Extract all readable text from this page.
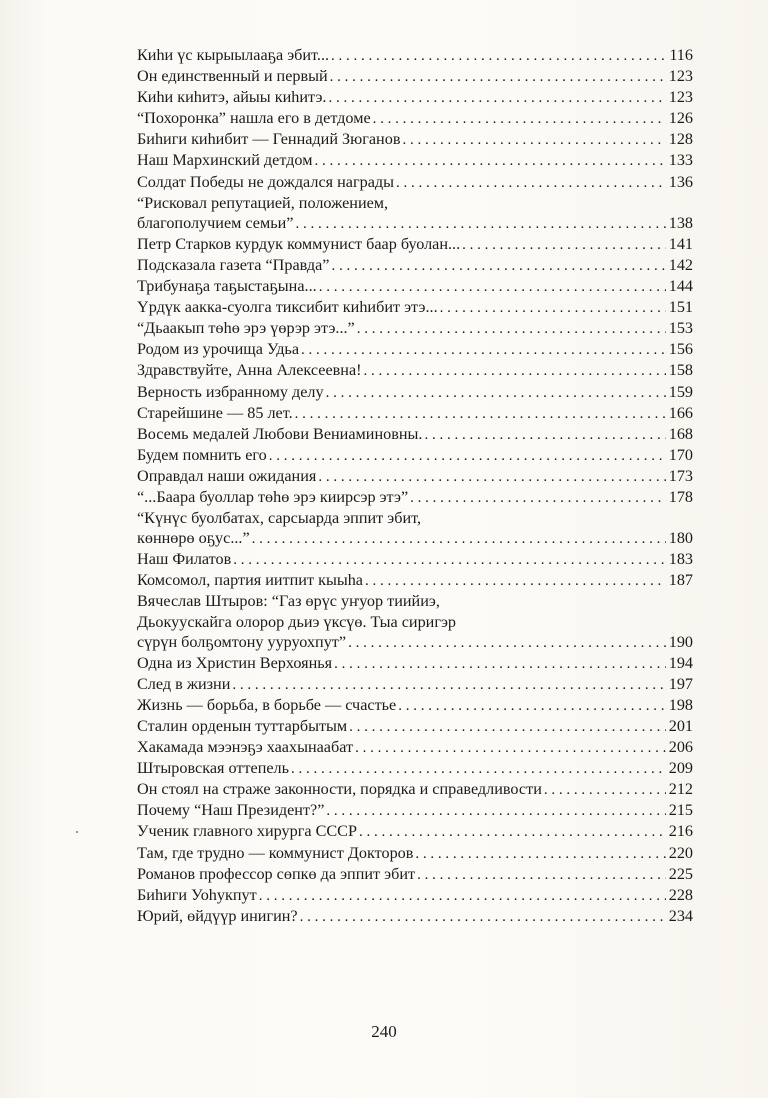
Киhи үс кырыылааҕа эбит... . . .	116
Он единственный и первый . . .	123
Киhи киhитэ, айыы киhитэ. . . .	123
“Похоронка” нашла его в детдоме . . .	126
Биhиги киhибит — Геннадий Зюганов . . .	128
Наш Мархинский детдом . . .	133
Солдат Победы не дождался награды . . .	136
“Рисковал репутацией, положением,
благополучием семьи” . . .	138
Петр Старков курдук коммунист баар буолан... . . .	141
Подсказала газета “Правда” . . .	142
Трибунаҕа таҕыстаҕына... . . .	144
Үрдүк аакка-суолга тиксибит киhибит этэ... . . .	151
“Дьаакып төhө эрэ үөрэр этэ...” . . .	153
Родом из урочища Удьа . . .	156
Здравствуйте, Анна Алексеевна! . . .	158
Верность избранному делу . . .	159
Старейшине — 85 лет. . . .	166
Восемь медалей Любови Вениаминовны. . . .	168
Будем помнить его . . .	170
Оправдал наши ожидания . . .	173
“...Баара буоллар төhө эрэ киирсэр этэ” . . .	178
“Күнүс буолбатах, сарсыарда эппит эбит,
көннөрө оҕус...” . . .	180
Наш Филатов . . .	183
Комсомол, партия иитпит кыыhа . . .	187
Вячеслав Штыров: “Газ өрүс уҥуор тиийиэ,
Дьокуускайга олорор дьиэ үксүө. Тыа сиригэр
сүрүн болҕомтону ууруохпут” . . .	190
Одна из Христин Верхоянья . . .	194
След в жизни . . .	197
Жизнь — борьба, в борьбе — счастье . . .	198
Сталин орденын туттарбытым . . .	201
Хакамада мээнэҕэ хаахынаабат . . .	206
Штыровская оттепель . . .	209
Он стоял на страже законности, порядка и справедливости . . .	212
Почему “Наш Президент?” . . .	215
Ученик главного хирурга СССР . . .	216
Там, где трудно — коммунист Докторов . . .	220
Романов профессор сөпкө да эппит эбит . . .	225
Биhиги Уоhукпут . . .	228
Юрий, өйдүүр инигин? . . .	234
240
